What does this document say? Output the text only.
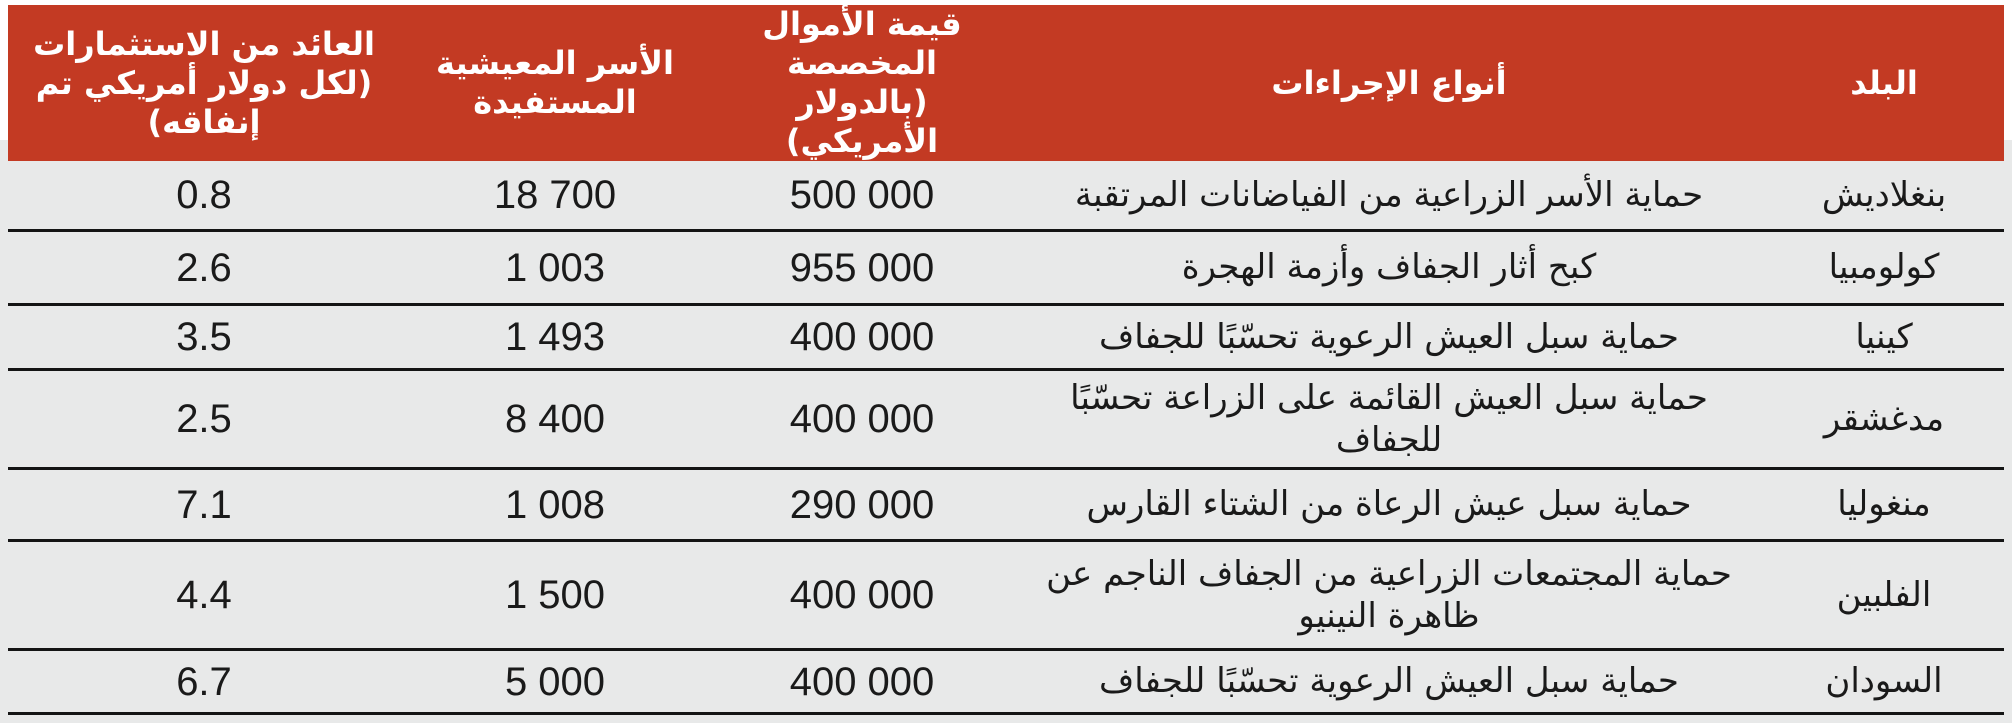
البلد	أنواع الإجراءات	قيمة الأموال المخصصة (بالدولار الأمريكي)	الأسر المعيشية المستفيدة	العائد من الاستثمارات (لكل دولار أمريكي تم إنفاقه)
بنغلاديش	حماية الأسر الزراعية من الفياضانات المرتقبة	500 000	18 700	0.8
كولومبيا	كبح أثار الجفاف وأزمة الهجرة	955 000	1 003	2.6
كينيا	حماية سبل العيش الرعوية تحسّبًا للجفاف	400 000	1 493	3.5
مدغشقر	حماية سبل العيش القائمة على الزراعة تحسّبًا للجفاف	400 000	8 400	2.5
منغوليا	حماية سبل عيش الرعاة من الشتاء القارس	290 000	1 008	7.1
الفلبين	حماية المجتمعات الزراعية من الجفاف الناجم عن ظاهرة النينيو	400 000	1 500	4.4
السودان	حماية سبل العيش الرعوية تحسّبًا للجفاف	400 000	5 000	6.7
